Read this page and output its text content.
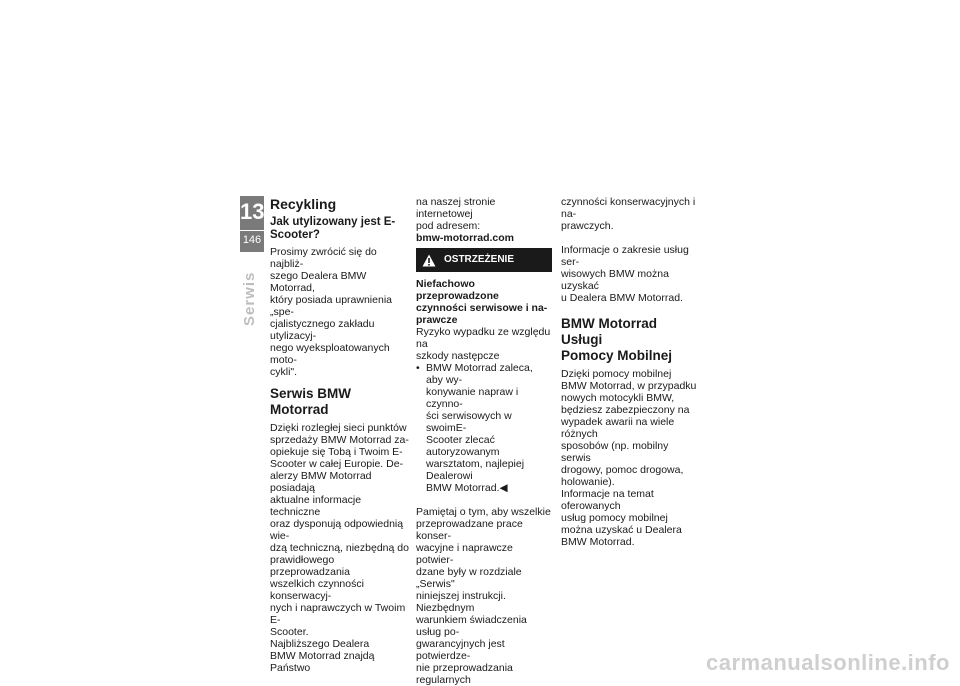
13
146
Serwis
Recykling
Jak utylizowany jest E-Scooter?

Prosimy zwrócić się do najbliż-

szego Dealera BMW Motorrad,

który posiada uprawnienia „spe-

cjalistycznego zakładu utylizacyj-

nego wyeksploatowanych moto-

cykli".

Serwis BMW Motorrad

Dzięki rozległej sieci punktów

sprzedaży BMW Motorrad za-

opiekuje się Tobą i Twoim E-

Scooter w całej Europie. De-

alerzy BMW Motorrad posiadają

aktualne informacje techniczne

oraz dysponują odpowiednią wie-

dzą techniczną, niezbędną do

prawidłowego przeprowadzania

wszelkich czynności konserwacyj-

nych i naprawczych w Twoim E-

Scooter.

Najbliższego Dealera

BMW Motorrad znajdą Państwo

na naszej stronie internetowej

pod adresem:

bmw-motorrad.com

OSTRZEŻENIE

Niefachowo przeprowadzone

czynności serwisowe i na-

prawcze

Ryzyko wypadku ze względu na

szkody następcze

• BMW Motorrad zaleca, aby wy-

konywanie napraw i czynno-

ści serwisowych w swoimE-

Scooter zlecać autoryzowanym

warsztatom, najlepiej Dealerowi

BMW Motorrad.◀

Pamiętaj o tym, aby wszelkie

przeprowadzane prace konser-

wacyjne i naprawcze potwier-

dzane były w rozdziale „Serwis"

niniejszej instrukcji. Niezbędnym

warunkiem świadczenia usług po-

gwarancyjnych jest potwierdze-

nie przeprowadzania regularnych

czynności konserwacyjnych i na-

prawczych.

Informacje o zakresie usług ser-

wisowych BMW można uzyskać

u Dealera BMW Motorrad.

BMW Motorrad Usługi
Pomocy Mobilnej

Dzięki pomocy mobilnej

BMW Motorrad, w przypadku

nowych motocykli BMW,

będziesz zabezpieczony na

wypadek awarii na wiele różnych

sposobów (np. mobilny serwis

drogowy, pomoc drogowa,

holowanie).

Informacje na temat oferowanych

usług pomocy mobilnej

można uzyskać u Dealera

BMW Motorrad.

carmanualsonline.info
